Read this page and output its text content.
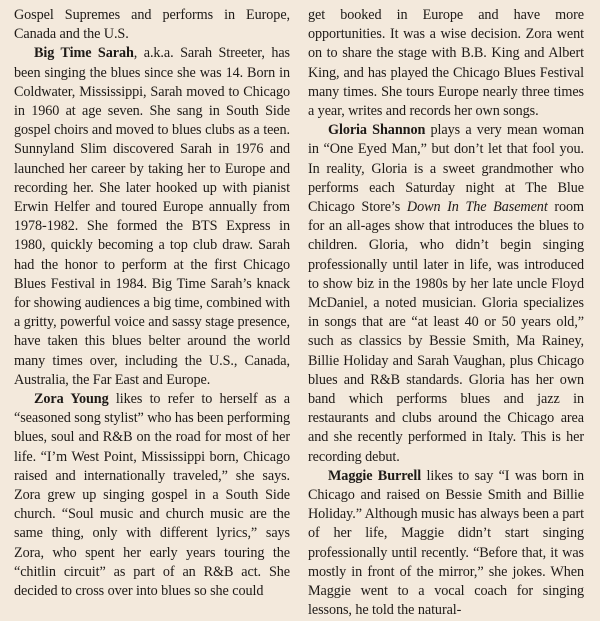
Gospel Supremes and performs in Europe, Canada and the U.S.

Big Time Sarah, a.k.a. Sarah Streeter, has been singing the blues since she was 14. Born in Coldwater, Mississippi, Sarah moved to Chicago in 1960 at age seven. She sang in South Side gospel choirs and moved to blues clubs as a teen. Sunnyland Slim discovered Sarah in 1976 and launched her career by taking her to Europe and recording her. She later hooked up with pianist Erwin Helfer and toured Europe annually from 1978-1982. She formed the BTS Express in 1980, quickly becoming a top club draw. Sarah had the honor to perform at the first Chicago Blues Festival in 1984. Big Time Sarah’s knack for showing audiences a big time, combined with a gritty, powerful voice and sassy stage presence, have taken this blues belter around the world many times over, including the U.S., Canada, Australia, the Far East and Europe.

Zora Young likes to refer to herself as a “seasoned song stylist” who has been performing blues, soul and R&B on the road for most of her life. “I’m West Point, Mississippi born, Chicago raised and internationally traveled,” she says. Zora grew up singing gospel in a South Side church. “Soul music and church music are the same thing, only with different lyrics,” says Zora, who spent her early years touring the “chitlin circuit” as part of an R&B act. She decided to cross over into blues so she could

get booked in Europe and have more opportunities. It was a wise decision. Zora went on to share the stage with B.B. King and Albert King, and has played the Chicago Blues Festival many times. She tours Europe nearly three times a year, writes and records her own songs.

Gloria Shannon plays a very mean woman in “One Eyed Man,” but don’t let that fool you. In reality, Gloria is a sweet grandmother who performs each Saturday night at The Blue Chicago Store’s Down In The Basement room for an all-ages show that introduces the blues to children. Gloria, who didn’t begin singing professionally until later in life, was introduced to show biz in the 1980s by her late uncle Floyd McDaniel, a noted musician. Gloria specializes in songs that are “at least 40 or 50 years old,” such as classics by Bessie Smith, Ma Rainey, Billie Holiday and Sarah Vaughan, plus Chicago blues and R&B standards. Gloria has her own band which performs blues and jazz in restaurants and clubs around the Chicago area and she recently performed in Italy. This is her recording debut.

Maggie Burrell likes to say “I was born in Chicago and raised on Bessie Smith and Billie Holiday.” Although music has always been a part of her life, Maggie didn’t start singing professionally until recently. “Before that, it was mostly in front of the mirror,” she jokes. When Maggie went to a vocal coach for singing lessons, he told the natural-
